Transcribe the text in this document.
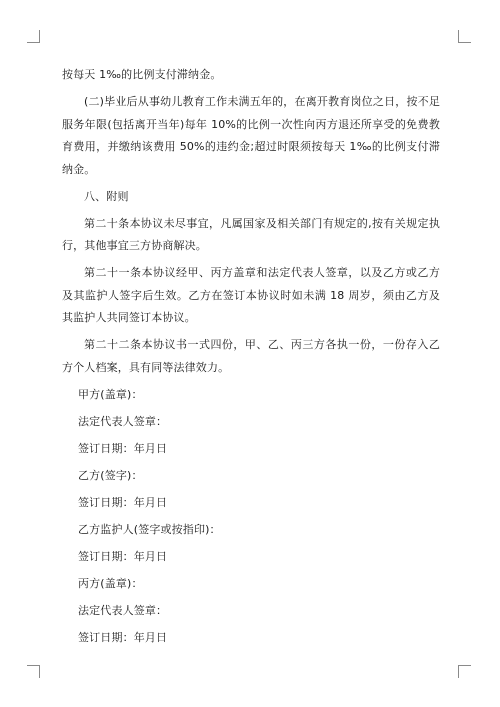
按每天 1‰的比例支付滞纳金。

(二)毕业后从事幼儿教育工作未满五年的，在离开教育岗位之日，按不足服务年限(包括离开当年)每年 10%的比例一次性向丙方退还所享受的免费教育费用，并缴纳该费用 50%的违约金;超过时限须按每天 1‰的比例支付滞纳金。

八、附则

第二十条本协议未尽事宜，凡属国家及相关部门有规定的,按有关规定执行，其他事宜三方协商解决。

第二十一条本协议经甲、丙方盖章和法定代表人签章，以及乙方或乙方及其监护人签字后生效。乙方在签订本协议时如未满 18 周岁，须由乙方及其监护人共同签订本协议。

第二十二条本协议书一式四份，甲、乙、丙三方各执一份，一份存入乙方个人档案，具有同等法律效力。

甲方(盖章)：

法定代表人签章：

签订日期：年月日

乙方(签字)：

签订日期：年月日

乙方监护人(签字或按指印)：

签订日期：年月日

丙方(盖章)：

法定代表人签章：

签订日期：年月日
